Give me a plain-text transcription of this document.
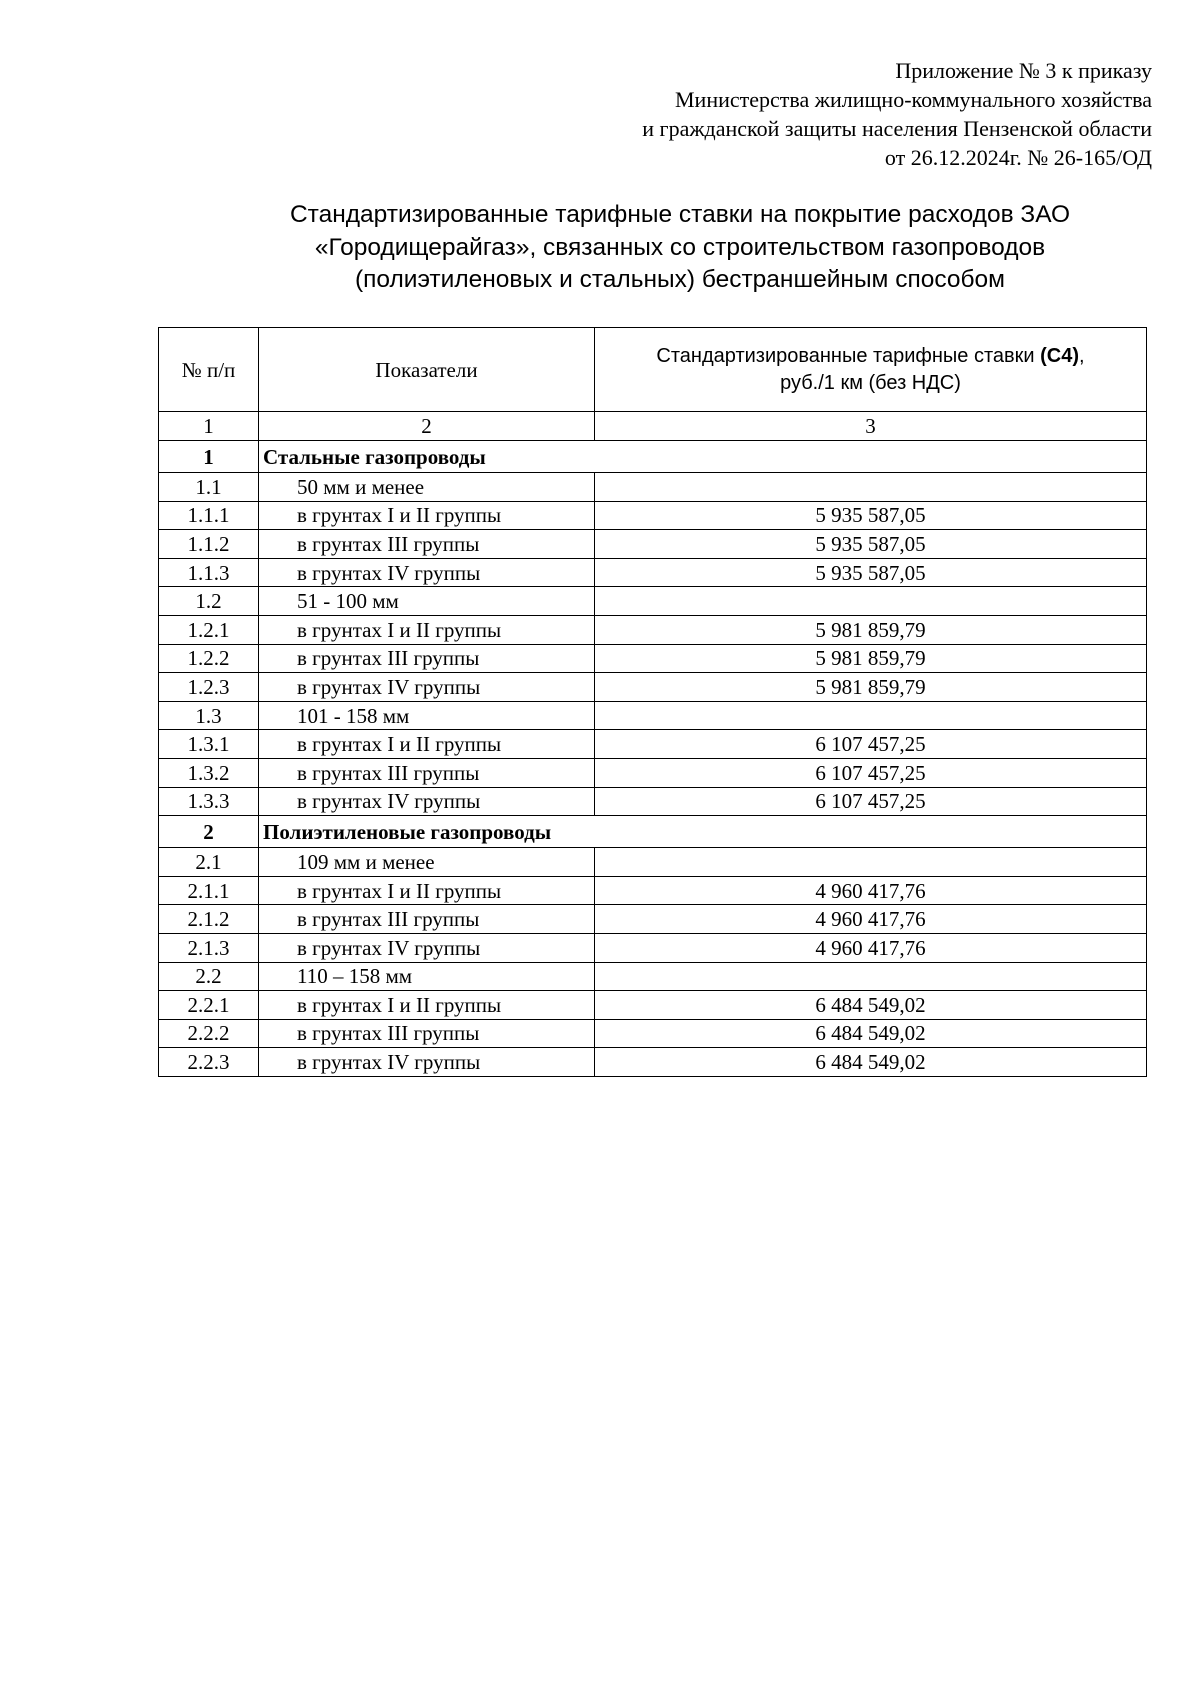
Приложение № 3 к приказу
Министерства жилищно-коммунального хозяйства
и гражданской защиты населения Пензенской области
от 26.12.2024г. № 26-165/ОД
Стандартизированные тарифные ставки на покрытие расходов ЗАО
«Городищерайгаз», связанных со строительством газопроводов
(полиэтиленовых и стальных) бестраншейным способом
№ п/п	Показатели	Стандартизированные тарифные ставки (С4),
руб./1 км (без НДС)
1	2	3
1	Стальные газопроводы	
1.1	50 мм и менее	
1.1.1	в грунтах I и II группы	5 935 587,05
1.1.2	в грунтах III группы	5 935 587,05
1.1.3	в грунтах IV группы	5 935 587,05
1.2	51 - 100 мм	
1.2.1	в грунтах I и II группы	5 981 859,79
1.2.2	в грунтах III группы	5 981 859,79
1.2.3	в грунтах IV группы	5 981 859,79
1.3	101 - 158 мм	
1.3.1	в грунтах I и II группы	6 107 457,25
1.3.2	в грунтах III группы	6 107 457,25
1.3.3	в грунтах IV группы	6 107 457,25
2	Полиэтиленовые газопроводы	
2.1	109 мм и менее	
2.1.1	в грунтах I и II группы	4 960 417,76
2.1.2	в грунтах III группы	4 960 417,76
2.1.3	в грунтах IV группы	4 960 417,76
2.2	110 – 158 мм	
2.2.1	в грунтах I и II группы	6 484 549,02
2.2.2	в грунтах III группы	6 484 549,02
2.2.3	в грунтах IV группы	6 484 549,02
